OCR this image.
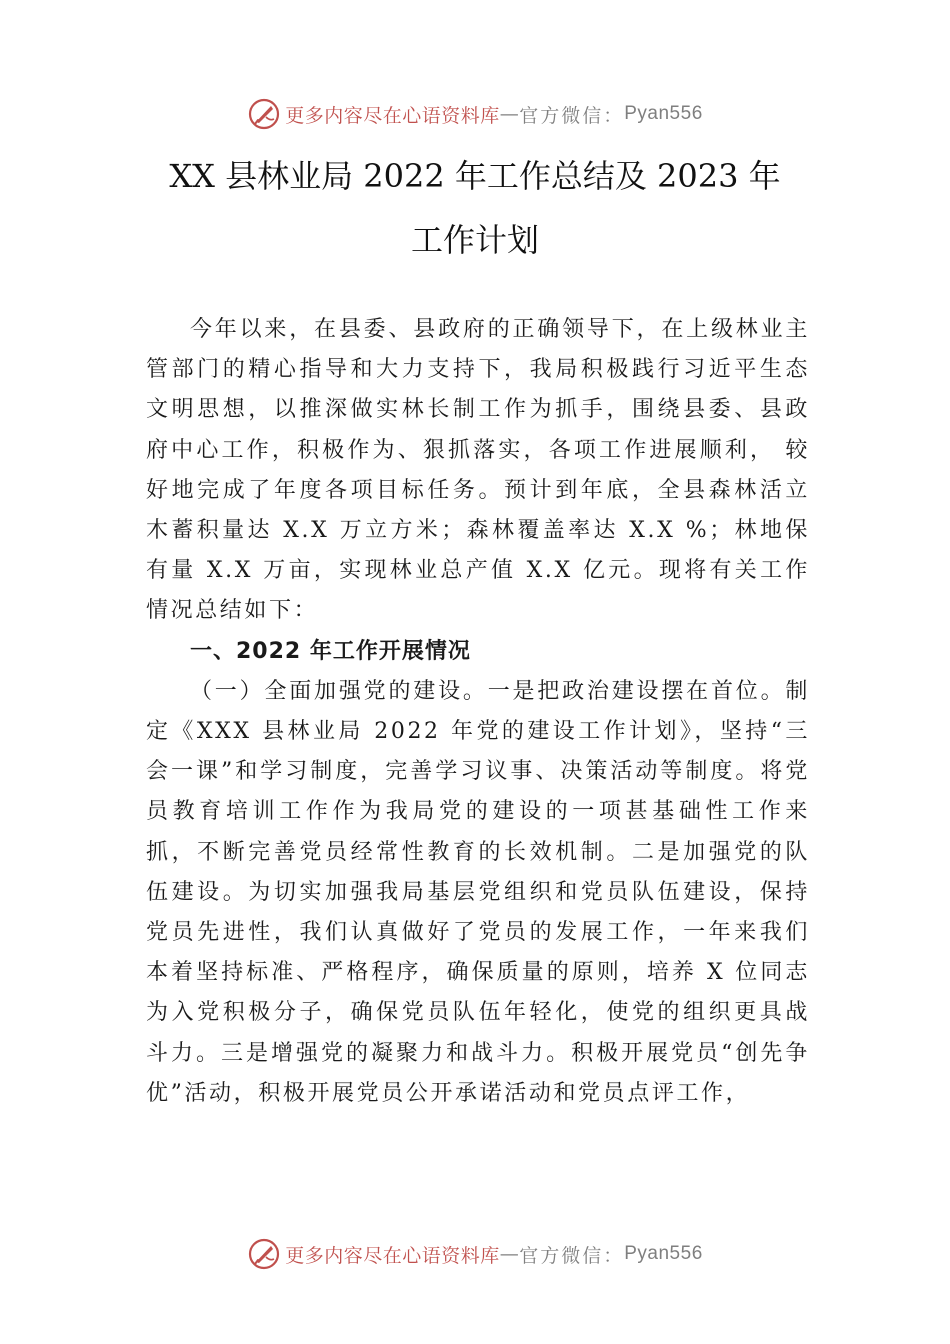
更多内容尽在心语资料库 — 官方微信： Pyan556
XX 县林业局 2022 年工作总结及 2023 年
工作计划

今年以来，在县委、县政府的正确领导下，在上级林业主管部门的精心指导和大力支持下，我局积极践行习近平生态文明思想，以推深做实林长制工作为抓手，围绕县委、县政府中心工作，积极作为、狠抓落实，各项工作进展顺利， 较好地完成了年度各项目标任务。预计到年底，全县森林活立木蓄积量达 X.X 万立方米；森林覆盖率达 X.X %；林地保有量 X.X 万亩，实现林业总产值 X.X 亿元。现将有关工作情况总结如下：

一、2022 年工作开展情况

（一）全面加强党的建设。一是把政治建设摆在首位。制定《XXX 县林业局 2022 年党的建设工作计划》，坚持“三会一课”和学习制度，完善学习议事、决策活动等制度。将党员教育培训工作作为我局党的建设的一项甚基础性工作来抓，不断完善党员经常性教育的长效机制。二是加强党的队伍建设。为切实加强我局基层党组织和党员队伍建设，保持党员先进性，我们认真做好了党员的发展工作，一年来我们本着坚持标准、严格程序，确保质量的原则，培养 X 位同志为入党积极分子，确保党员队伍年轻化，使党的组织更具战斗力。三是增强党的凝聚力和战斗力。积极开展党员“创先争优”活动，积极开展党员公开承诺活动和党员点评工作，

更多内容尽在心语资料库 — 官方微信： Pyan556
